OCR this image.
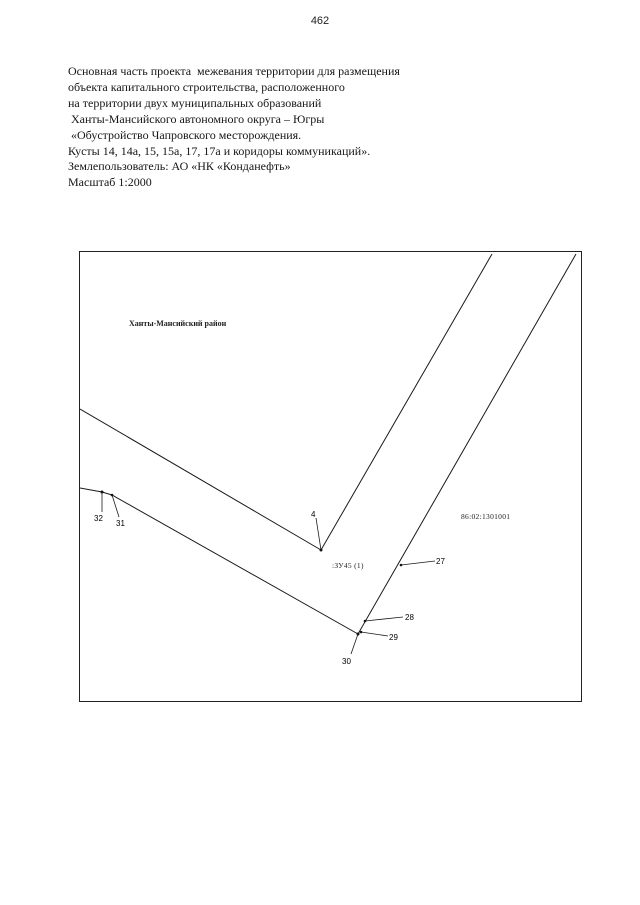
462
Основная часть проекта  межевания территории для размещения
объекта капитального строительства, расположенного
на территории двух муниципальных образований
Ханты-Мансийского автономного округа – Югры
«Обустройство Чапровского месторождения.
Кусты 14, 14а, 15, 15а, 17, 17а и коридоры коммуникаций».
Землепользователь: АО «НК «Конданефть»
Масштаб 1:2000
Ханты-Мансийский район
86:02:1301001
:ЗУ45 (1)
4
27
28
29
30
31
32
